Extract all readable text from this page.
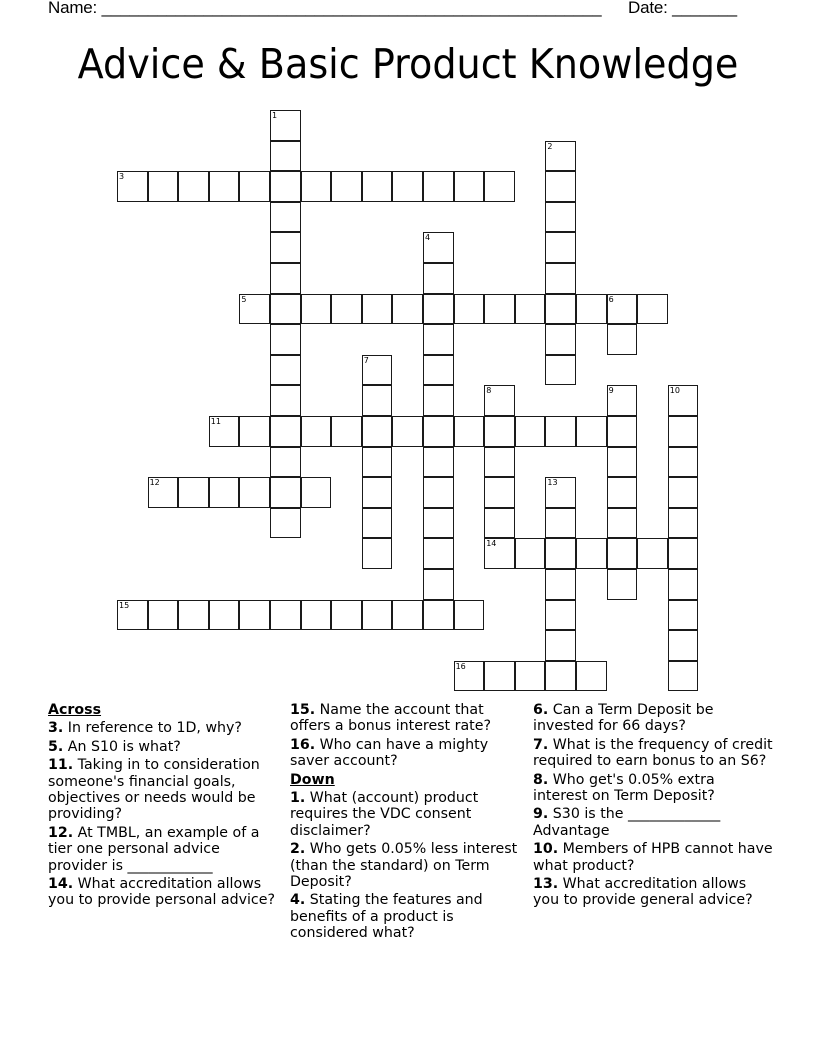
Name: ______________________________________________________ Date: _______
Advice & Basic Product Knowledge
1
2
3
4
5	6
7
8	9	10
11
12	13
14
15
16
Across
3. In reference to 1D, why?
5. An S10 is what?
11. Taking in to consideration someone's financial goals, objectives or needs would be providing?
12. At TMBL, an example of a tier one personal advice provider is ____________
14. What accreditation allows you to provide personal advice?
15. Name the account that offers a bonus interest rate?
16. Who can have a mighty saver account?
Down
1. What (account) product requires the VDC consent disclaimer?
2. Who gets 0.05% less interest (than the standard) on Term Deposit?
4. Stating the features and benefits of a product is considered what?
6. Can a Term Deposit be invested for 66 days?
7. What is the frequency of credit required to earn bonus to an S6?
8. Who get's 0.05% extra interest on Term Deposit?
9. S30 is the _____________ Advantage
10. Members of HPB cannot have what product?
13. What accreditation allows you to provide general advice?
